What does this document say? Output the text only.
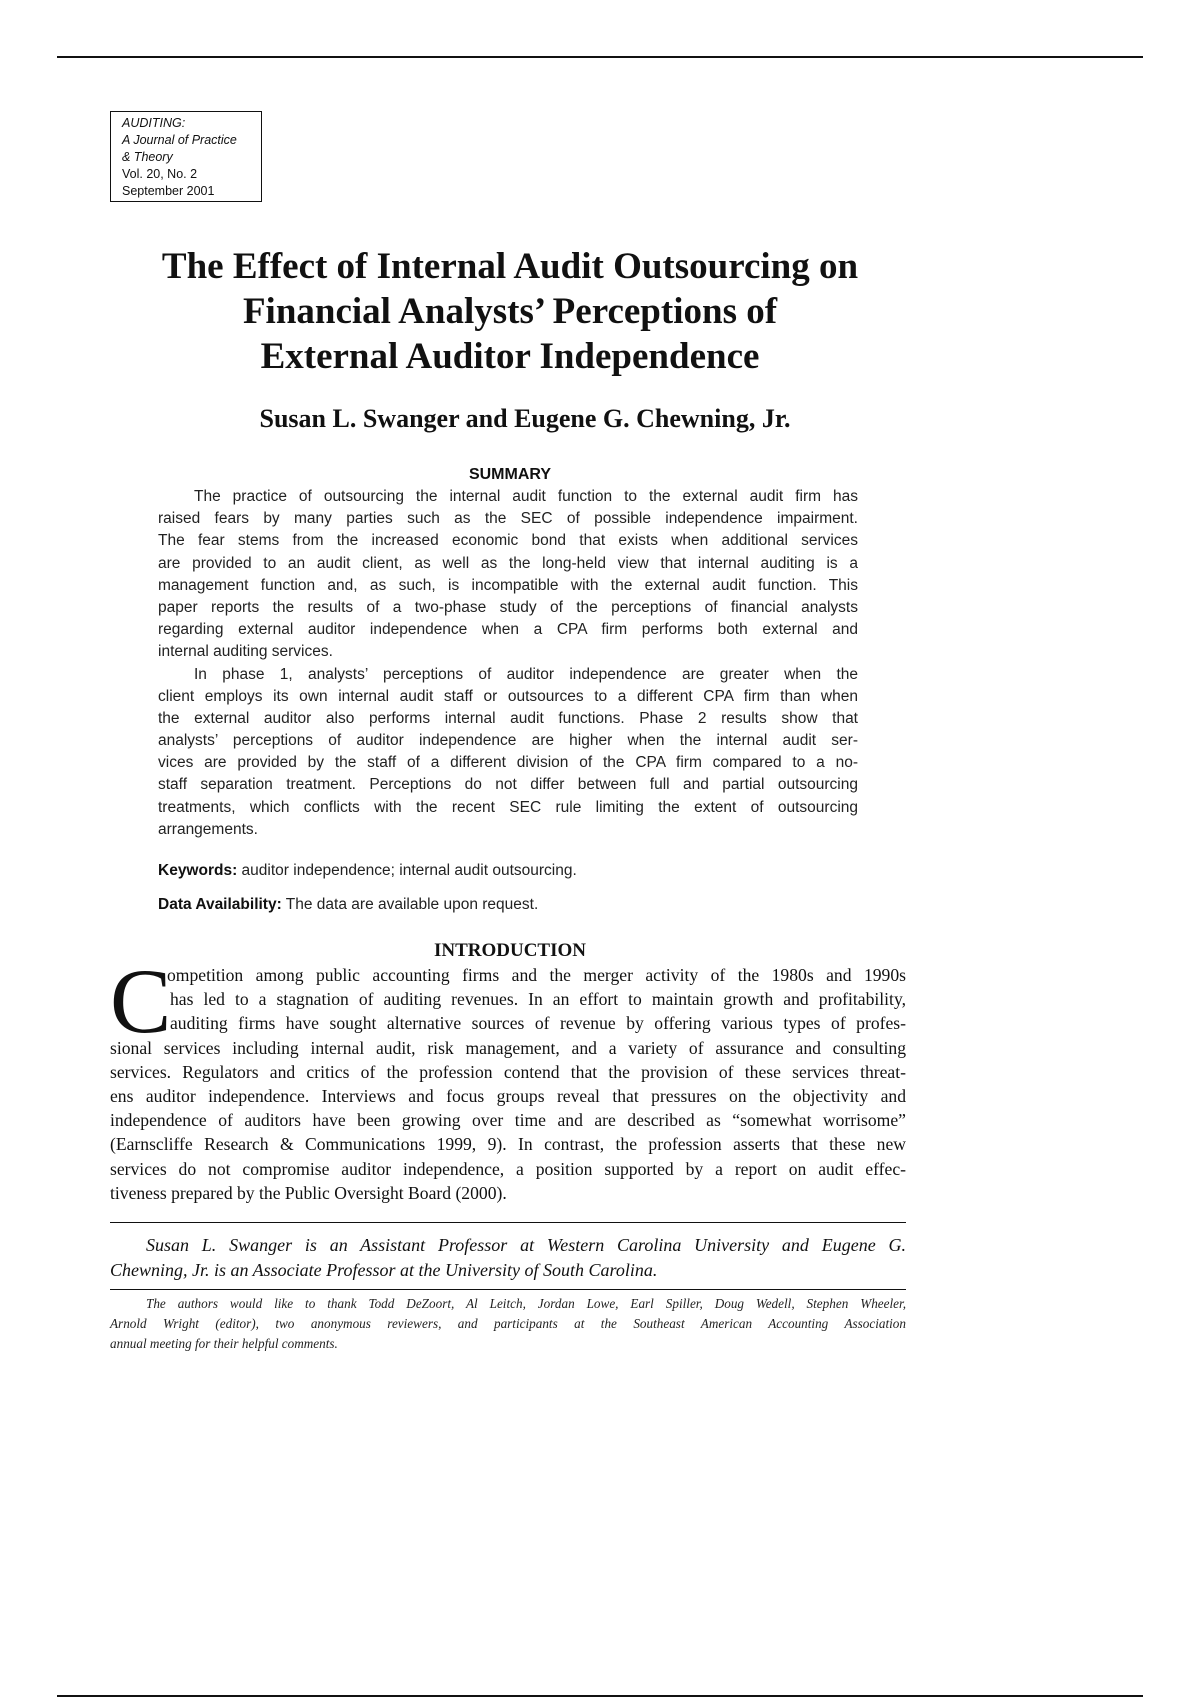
AUDITING:
A Journal of Practice
& Theory
Vol. 20, No. 2
September 2001
The Effect of Internal Audit Outsourcing on
Financial Analysts’ Perceptions of
External Auditor Independence
Susan L. Swanger and Eugene G. Chewning, Jr.
SUMMARY
The practice of outsourcing the internal audit function to the external audit firm has
raised fears by many parties such as the SEC of possible independence impairment.
The fear stems from the increased economic bond that exists when additional services
are provided to an audit client, as well as the long-held view that internal auditing is a
management function and, as such, is incompatible with the external audit function. This
paper reports the results of a two-phase study of the perceptions of financial analysts
regarding external auditor independence when a CPA firm performs both external and
internal auditing services.
In phase 1, analysts’ perceptions of auditor independence are greater when the
client employs its own internal audit staff or outsources to a different CPA firm than when
the external auditor also performs internal audit functions. Phase 2 results show that
analysts’ perceptions of auditor independence are higher when the internal audit ser-
vices are provided by the staff of a different division of the CPA firm compared to a no-
staff separation treatment. Perceptions do not differ between full and partial outsourcing
treatments, which conflicts with the recent SEC rule limiting the extent of outsourcing
arrangements.
Keywords: auditor independence; internal audit outsourcing.
Data Availability: The data are available upon request.
INTRODUCTION
C
ompetition among public accounting firms and the merger activity of the 1980s and 1990s
has led to a stagnation of auditing revenues. In an effort to maintain growth and profitability,
auditing firms have sought alternative sources of revenue by offering various types of profes-
sional services including internal audit, risk management, and a variety of assurance and consulting
services. Regulators and critics of the profession contend that the provision of these services threat-
ens auditor independence. Interviews and focus groups reveal that pressures on the objectivity and
independence of auditors have been growing over time and are described as “somewhat worrisome”
(Earnscliffe Research & Communications 1999, 9). In contrast, the profession asserts that these new
services do not compromise auditor independence, a position supported by a report on audit effec-
tiveness prepared by the Public Oversight Board (2000).
Susan L. Swanger is an Assistant Professor at Western Carolina University and Eugene G.
Chewning, Jr. is an Associate Professor at the University of South Carolina.
The authors would like to thank Todd DeZoort, Al Leitch, Jordan Lowe, Earl Spiller, Doug Wedell, Stephen Wheeler,
Arnold Wright (editor), two anonymous reviewers, and participants at the Southeast American Accounting Association
annual meeting for their helpful comments.
